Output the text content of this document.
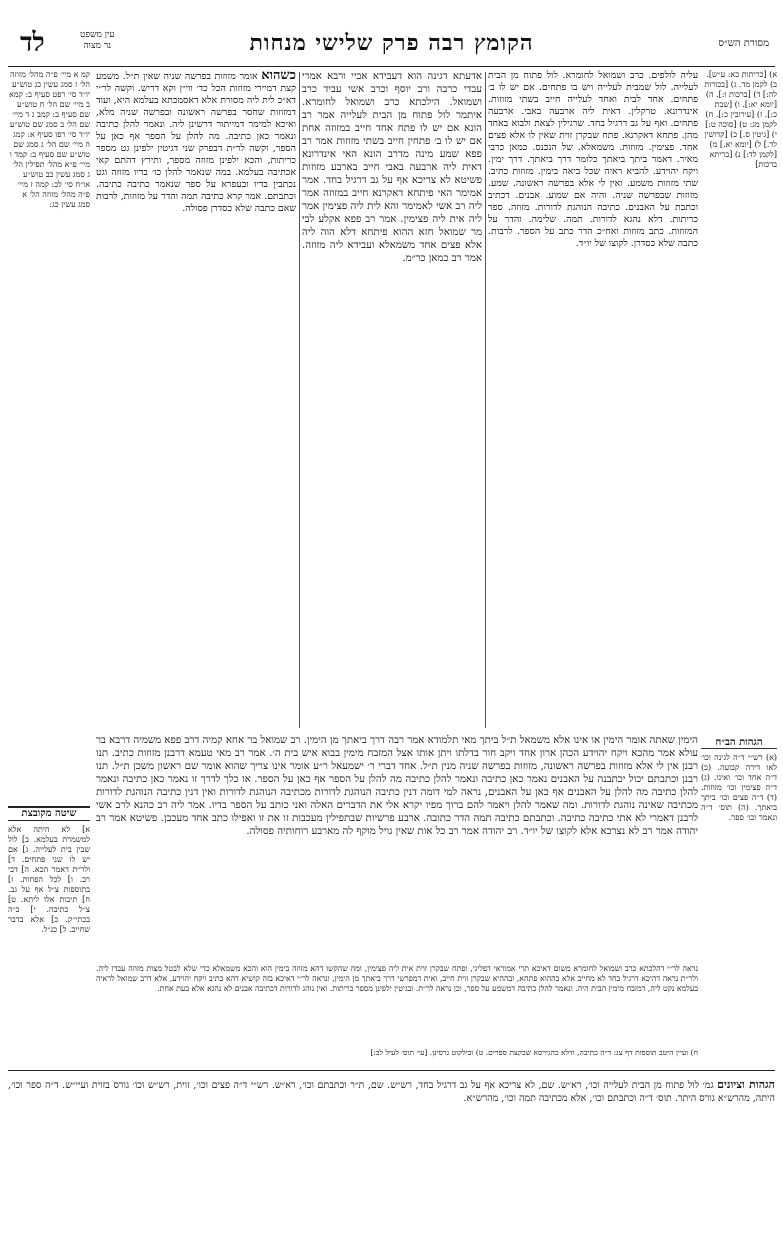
מסורת הש״ס
הקומץ רבה פרק שלישי מנחות
עין משפט
נר מצוה
לד
א) [כריתות כא: ע״ש]. ב) לקמן מד. ג) [בכורות לה:] ד) [ברכות ו:]. ה) [יומא יא:]. ו) [שבת כ:]. ז) [עירובין כ:]. ח) לקמן מג: ט) [סוכה ט:] י) [גיטין ס.] כ) [קדושין לד.] ל) [יומא יא.] מ) [לקמן לד:] נ) [בריתא ברכות]
עליה לולפים. כרב ושמואל לחומרא. לול פתוח מן הבית לעלייה. לול שמבית לעלייה ויש בו פתחים. אם יש לו ב׳ פתחים. אחד לבית ואחד לעלייה חייב בשתי מזוזות. אינדרונא. טרקלין. דאית ליה ארבעה באבי. ארבעה פתחים. ואף על גב דרגיל בחד. שרגילין לצאת ולבוא באחד מהן. פתחא דאקרנא. פתח שבקרן זוית שאין לו אלא פצים אחד. פצימין. מזוזות. משמאלא. של הנכנס. כמאן כרבי מאיר. דאמר ביתך ביאתך כלומר דרך ביאתך. דרך ימין. ויקח יהוידע. להביא ראיה שכל ביאה בימין. מזוזות כתיב. שתי מזוזות משמע. ואין לי אלא בפרשה ראשונה. שמע. מזוזות שבפרשה שניה. והיה אם שמוע. אבנים. דכתיב וכתבת על האבנים. כתיבה הנוהגת לדורות. מזוזה. ספר כריתות. דלא נהגא לדורות. תמה. שלימה. והדר על המזוזות. כתב מזוזות ואח״כ הדר כתב על הספר. לרבות. כתבה שלא כסדרן. לקוצו של יו״ד.
אדעתא דגינה הוא דעבידא אביי ורבא אמרי עבדי כרבה ורב יוסף וכרב אשי עביד כרב ושמואל. הילכתא כרב ושמואל לחומרא. איתמר לול פתוח מן הבית לעלייה אמר רב הונא אם יש לו פתח אחד חייב במזוזה אחת אם יש לו ב׳ פתחין חייב בשתי מזוזות אמר רב פפא שמע מינה מדרב הונא האי אינדרונא דאית ליה ארבעה באבי חייב בארבע מזוזות פשיטא לא צריכא אף על גב דרגיל בחד. אמר אמימר האי פיתחא דאקרנא חייב במזוזה אמר ליה רב אשי לאמימר והא לית ליה פצימין אמר ליה אית ליה פצימין. אמר רב פפא אקלע לבי מר שמואל חזא ההוא פיתחא דלא הוה ליה אלא פצים אחד משמאלא ועבידא ליה מזוזה. אמר רב כמאן כר״מ.
כשהוא אומר מזוזות בפרשה שניה שאין ת״ל. משמע קצת דמיירי מזוזות הכל כד׳ ווי״ן וקא דריש. וקשה לר״י דא״כ לית ליה מסורת אלא דאסמכתא בעלמא היא, ועוד דמזוזות שחסר בפרשה ראשונה ובפרשה שניה מלא, ואיכא למימר דמייתור דרשינן ליה. ונאמר להלן כתיבה ונאמר כאן כתיבה. מה להלן על הספר אף כאן על הספר, וקשה לר״ת דבפרק שני דגיטין ילפינן גט מספר כריתות, והכא ילפינן מזוזה מספר, ותירץ דהתם קאי אכתיבה בעלמא. במה שנאמר להלן כו׳ בדיו מזוזה וגט נכתבין בדיו ובעפרא על ספר שנאמר כתיבה כתיבה. וכתבתם. אמר קרא כתיבה תמה והדר על מזוזות, לרבות שאם כתבה שלא כסדרן פסולה.
קמ א מיי׳ פ״ה מהל׳ מזוזה הל׳ ז סמג עשין כג טוש״ע יו״ד סי׳ רפט סעיף ב: קמא ב מיי׳ שם הל׳ ח טוש״ע שם סעיף ב: קמב ג ד מיי׳ שם הל׳ ב סמג שם טוש״ע יו״ד סי׳ רפו סעיף א: קמג ה מיי׳ שם הל׳ ג סמג שם טוש״ע שם סעיף ב: קמד ו מיי׳ פ״א מהל׳ תפילין הל׳ ג סמג עשין כב טוש״ע או״ח סי׳ לב: קמה ז מיי׳ פ״ה מהל׳ מזוזה הל׳ א סמג עשין כג:
הימין שאתה אומר הימין או אינו אלא משמאל ת״ל ביתך מאי תלמודא אמר רבה דרך ביאתך מן הימין. רב שמואל בר אחא קמיה דרב פפא משמיה דרבא בר עולא אמר מהכא ויקח יהוידע הכהן ארון אחד ויקב חור בדלתו ויתן אותו אצל המזבח מימין בבוא איש בית ה׳. אמר רב מאי טעמא דרבנן מזוזות כתיב. תנו רבנן אין לי אלא מזוזות בפרשה ראשונה, מזוזות בפרשה שניה מנין ת״ל. אחד דברי ר׳ ישמעאל ר״ע אומר אינו צריך שהוא אומר שם ראשון משכן ת״ל. תנו רבנן וכתבתם יכול יכתבנה על האבנים נאמר כאן כתיבה ונאמר להלן כתיבה מה להלן על הספר אף כאן על הספר. או כלך לדרך זו נאמר כאן כתיבה ונאמר להלן כתיבה מה להלן על האבנים אף כאן על האבנים, נראה למי דומה דנין כתיבה הנוהגת לדורות מכתיבה הנוהגת לדורות ואין דנין כתיבה הנוהגת לדורות מכתיבה שאינה נוהגת לדורות. ומה שאמר להלן ויאמר להם ברוך מפיו יקרא אלי את הדברים האלה ואני כותב על הספר בדיו. אמר ליה רב כהנא לרב אשי לרבנן דאמרי לא אתי כתיבה כתיבה. וכתבתם כתיבה תמה הדר כתובה. ארבע פרשיות שבתפילין מעכבות זו את זו ואפילו כתב אחד מעכבן. פשיטא אמר רב יהודה אמר רב לא נצרכא אלא לקוצו של יו״ד. רב יהודה אמר רב כל אות שאין גויל מוקף לה מארבע רוחותיה פסולה.
הגהות הב״ח
(א) רש״י ד״ה לגינה וכו׳ לאו דירה קבועה. (ב) ד״ה אחד וכו׳ ואינו. (ג) ד״ה פצימין וכו׳ מזוזות. (ד) ד״ה פצים וכו׳ ביתך ביאתך. (ה) תוס׳ ד״ה ונאמר וכו׳ ספר.
שיטה מקובצת
א] לא היתה אלא למשמרת בעלמא. ב] לול שבין בית לעלייה. ג] אם יש לו שני פתחים. ד] ולר״ת דאמר הכא. ה] דבי רב. ו] לכל הפחות. ז] בתוספות צ״ל אף על גב. ח] תיבות אלו ליתא. ט] צ״ל כתיבה. י] כ״ה בכתי״ק. כ] אלא בדבר שחייב. ל] כנ״ל.
נראה לר״י דהלכתא כרב ושמואל לחומרא משום דאיכא תרי אמוראי דפליגי, ופתח שבקרן זוית אית ליה פצימין, ומה שהקשו דהא מזוזה בימין הוא והכא משמאלא כדי שלא לבטל מצות מזוזה עבדו ליה. ולר״ת נראה דהיכא דרגיל בחד לא מחייב אלא בההוא פתחא, ובההיא שבקרן זוית חייב, ואית דמפרשי דרך ביאתך מן הימין, ונראה לר״י דאיכא בזה קושיא דהא כתיב ויקח יהוידע, אלא דרב שמואל לראיה בעלמא נקט ליה, דמזבח מימין הבית היה. ונאמר להלן כתיבה דמשמע על ספר, וכן נראה לר״ת. ובגיטין ילפינן מספר כריתות. ואין נוהג לדורות דכתיבה אבנים לא נהגא אלא בעת אחת.
ח) ועיין היטב תוספות דף צג: ד״ה כתיבה, ודלא כהגירסא שבקצת ספרים. ט) ובילקוט גרסינן. [עי׳ תוס׳ לעיל לב:]
הגהות וציונים גמ׳ לול פתוח מן הבית לעלייה וכו׳, רא״ש. שם, לא צריכא אף על גב דרגיל בחד, רש״ש. שם, ת״ר וכתבתם וכו׳, רא״ש. רש״י ד״ה פצים וכו׳, זוית, רש״ש וכו׳ גורס בזוית ועיי״ש. ד״ה ספר וכו׳, היתה, מהרש״א גורס היתר. תוס׳ ד״ה וכתבתם וכו׳, אלא מכתיבה תמה וכו׳, מהרש״א.
